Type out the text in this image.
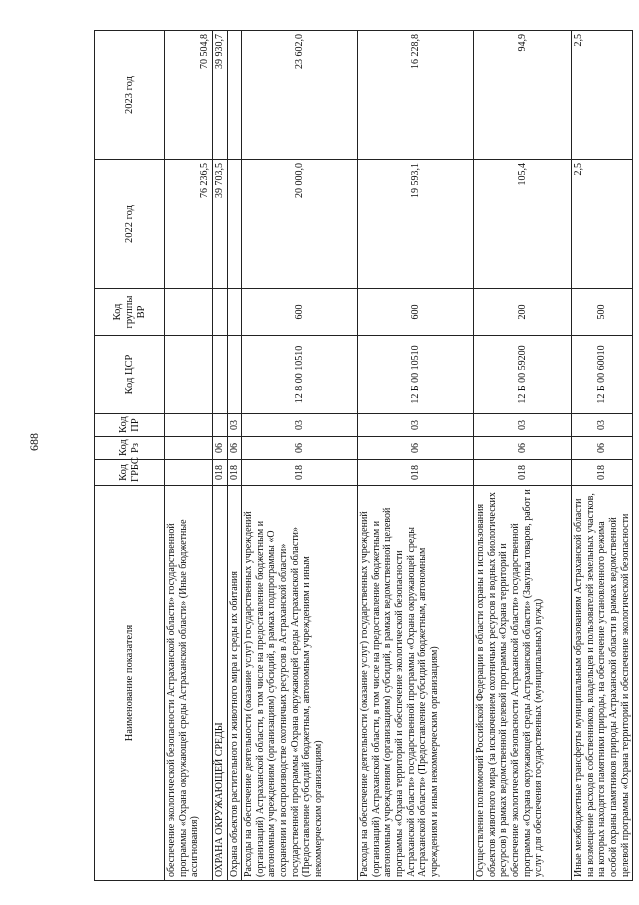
688
Наименование показателя	Код ГРБС	Код Рз	Код ПР	Код ЦСР	Код группы ВР	2022 год	2023 год
обеспечение экологической безопасности Астраханской области» государственной программы «Охрана окружающей среды Астраханской области» (Иные бюджетные ассигнования)						76 236,5	70 504,8
ОХРАНА ОКРУЖАЮЩЕЙ СРЕДЫ	018	06				39 703,5	39 930,7
Охрана объектов растительного и животного мира и среды их обитания	018	06	03				
Расходы на обеспечение деятельности (оказание услуг) государственных учреждений (организаций) Астраханской области, в том числе на предоставление бюджетным и автономным учреждениям (организациям) субсидий, в рамках подпрограммы «О сохранении и воспроизводстве охотничьих ресурсов в Астраханской области» государственной программы «Охрана окружающей среды Астраханской области» (Предоставление субсидий бюджетным, автономным учреждениям и иным некоммерческим организациям)	018	06	03	12 8 00 10510	600	20 000,0	23 602,0
Расходы на обеспечение деятельности (оказание услуг) государственных учреждений (организаций) Астраханской области, в том числе на предоставление бюджетным и автономным учреждениям (организациям) субсидий, в рамках ведомственной целевой программы «Охрана территорий и обеспечение экологической безопасности Астраханской области» государственной программы «Охрана окружающей среды Астраханской области» (Предоставление субсидий бюджетным, автономным учреждениям и иным некоммерческим организациям)	018	06	03	12 Б 00 10510	600	19 593,1	16 228,8
Осуществление полномочий Российской Федерации в области охраны и использования объектов животного мира (за исключением охотничьих ресурсов и водных биологических ресурсов) в рамках ведомственной целевой программы «Охрана территорий и обеспечение экологической безопасности Астраханской области» государственной программы «Охрана окружающей среды Астраханской области» (Закупка товаров, работ и услуг для обеспечения государственных (муниципальных) нужд)	018	06	03	12 Б 00 59200	200	105,4	94,9
Иные межбюджетные трансферты муниципальным образованиям Астраханской области на возмещение расходов собственников, владельцев и пользователей земельных участков, на которых находятся памятники природы, на обеспечение установленного режима особой охраны памятников природы Астраханской области в рамках ведомственной целевой программы «Охрана территорий и обеспечение экологической безопасности	018	06	03	12 Б 00 60010	500	2,5	2,5
